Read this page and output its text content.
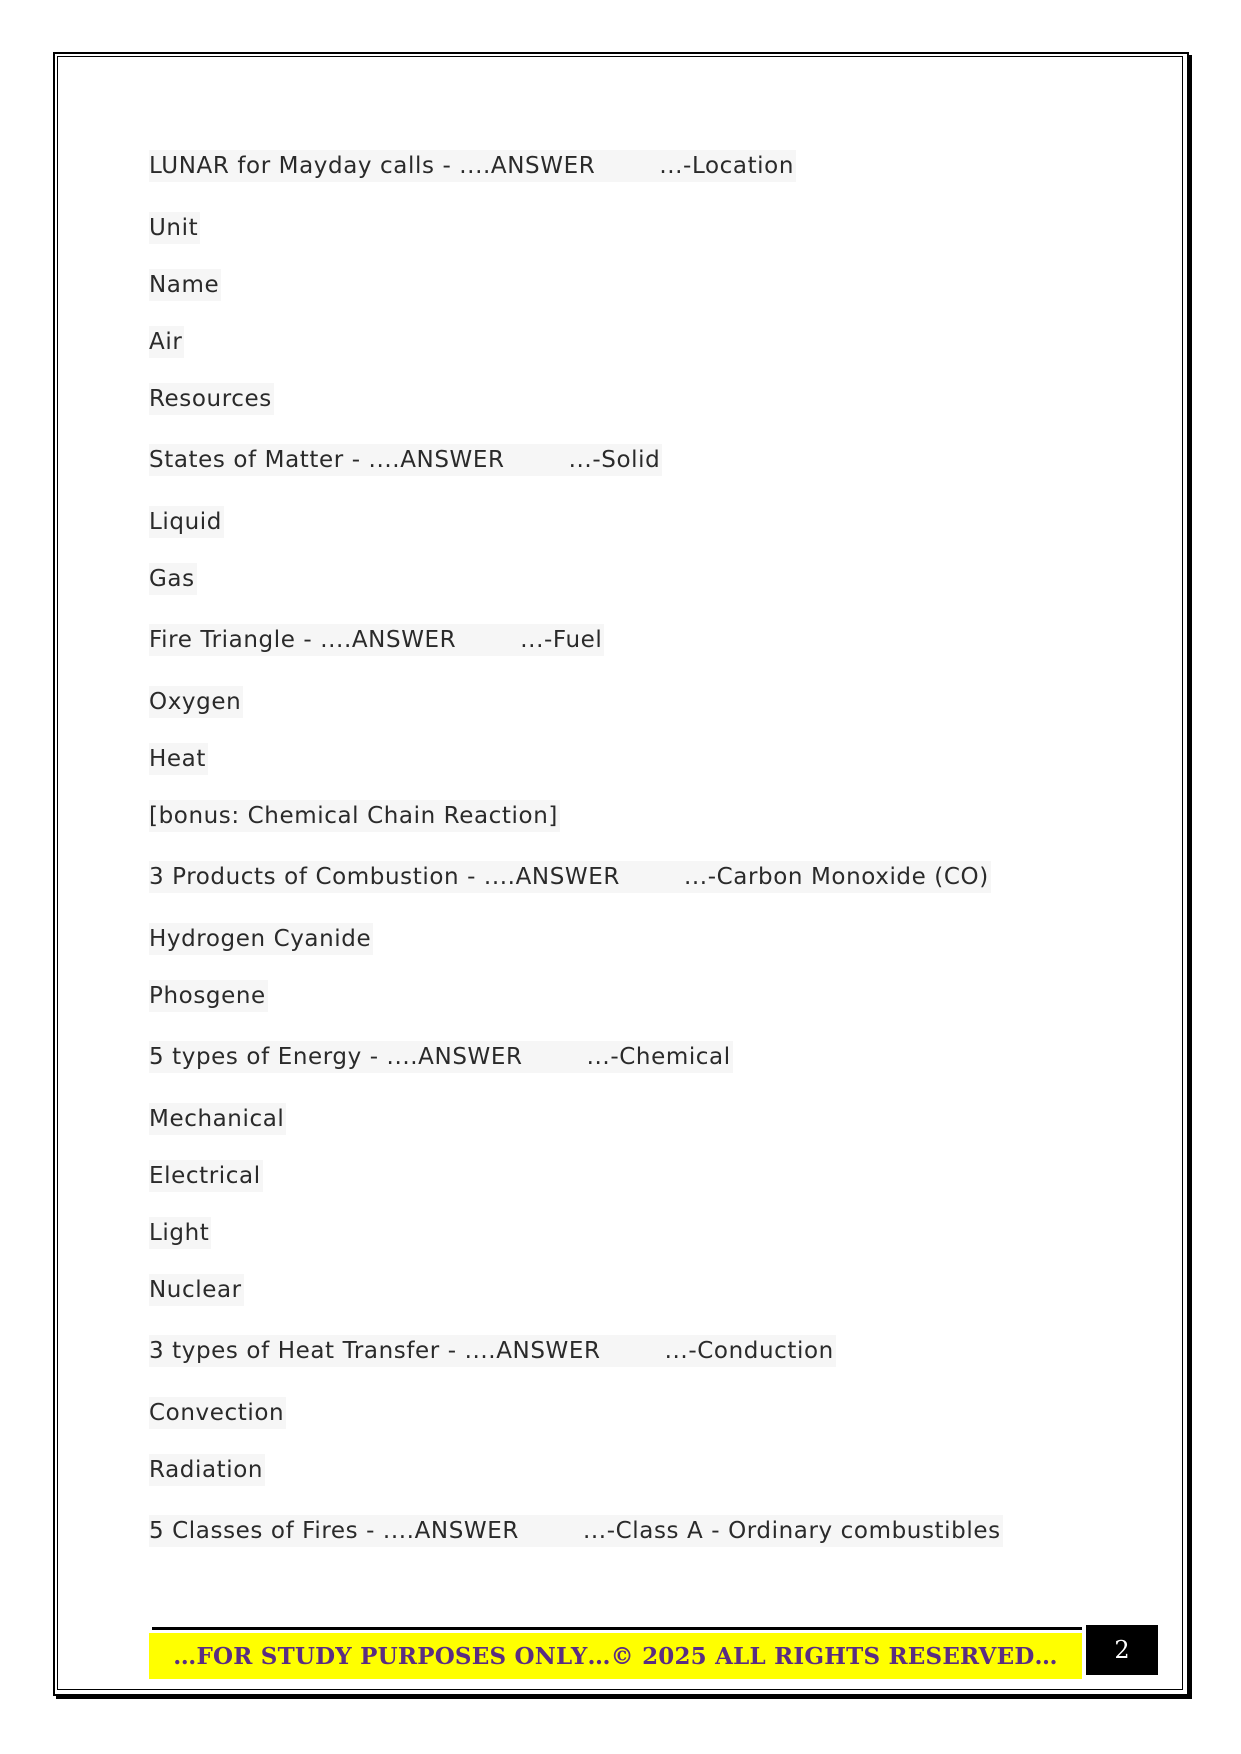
LUNAR for Mayday calls - ....ANSWER	...-Location
Unit
Name
Air
Resources
States of Matter - ....ANSWER	...-Solid
Liquid
Gas
Fire Triangle - ....ANSWER	...-Fuel
Oxygen
Heat
[bonus: Chemical Chain Reaction]
3 Products of Combustion - ....ANSWER	...-Carbon Monoxide (CO)
Hydrogen Cyanide
Phosgene
5 types of Energy - ....ANSWER	...-Chemical
Mechanical
Electrical
Light
Nuclear
3 types of Heat Transfer - ....ANSWER	...-Conduction
Convection
Radiation
5 Classes of Fires - ....ANSWER	...-Class A - Ordinary combustibles
…FOR STUDY PURPOSES ONLY…© 2025 ALL RIGHTS RESERVED…	2
